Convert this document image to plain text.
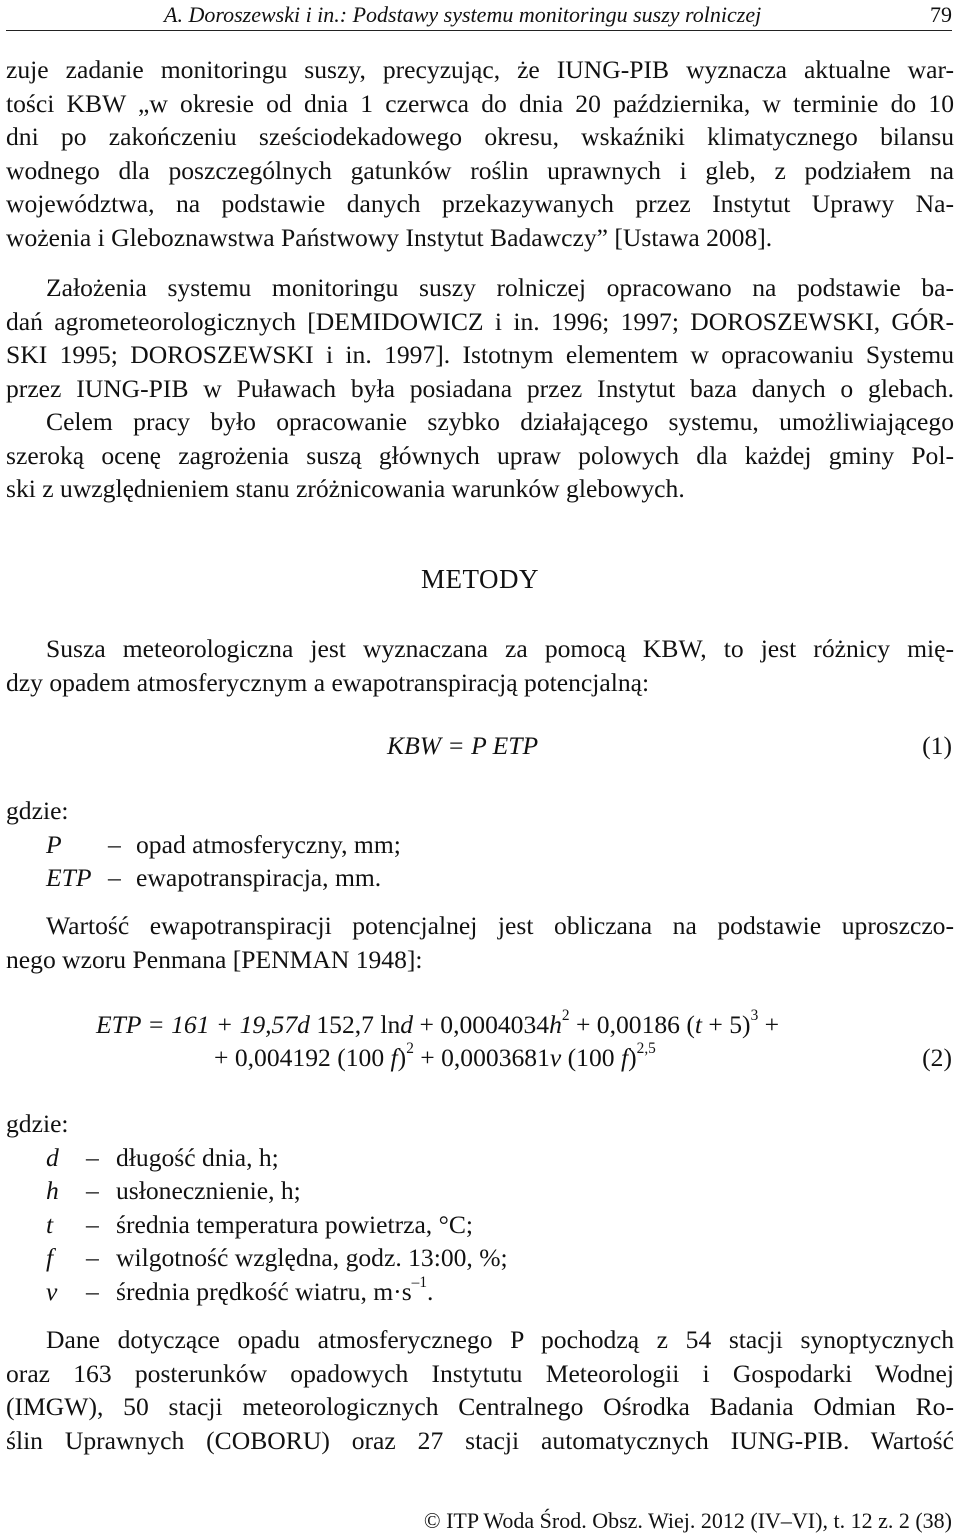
A. Doroszewski i in.: Podstawy systemu monitoringu suszy rolniczej	79
zuje zadanie monitoringu suszy, precyzując, że IUNG-PIB wyznacza aktualne war-
tości KBW „w okresie od dnia 1 czerwca do dnia 20 października, w terminie do 10
dni po zakończeniu sześciodekadowego okresu, wskaźniki klimatycznego bilansu
wodnego dla poszczególnych gatunków roślin uprawnych i gleb, z podziałem na
województwa, na podstawie danych przekazywanych przez Instytut Uprawy Na-
wożenia i Gleboznawstwa Państwowy Instytut Badawczy” [Ustawa 2008].
Założenia systemu monitoringu suszy rolniczej opracowano na podstawie ba-
dań agrometeorologicznych [DEMIDOWICZ i in. 1996; 1997; DOROSZEWSKI, GÓR-
SKI 1995; DOROSZEWSKI i in. 1997]. Istotnym elementem w opracowaniu Systemu
przez IUNG-PIB w Puławach była posiadana przez Instytut baza danych o glebach.
Celem pracy było opracowanie szybko działającego systemu, umożliwiającego
szeroką ocenę zagrożenia suszą głównych upraw polowych dla każdej gminy Pol-
ski z uwzględnieniem stanu zróżnicowania warunków glebowych.
METODY
Susza meteorologiczna jest wyznaczana za pomocą KBW, to jest różnicy mię-
dzy opadem atmosferycznym a ewapotranspiracją potencjalną:
KBW = P ETP	(1)
gdzie:
P – opad atmosferyczny, mm;
ETP – ewapotranspiracja, mm.
Wartość ewapotranspiracji potencjalnej jest obliczana na podstawie uproszczo-
nego wzoru Penmana [PENMAN 1948]:
ETP = 161 + 19,57d 152,7 $\ln d + 0,0004034h^2 + 0,00186$ $(t + 5)^3$ +
+ 0,004192 (100 f)$^2$ + 0,0003681v (100 f)$^{2,5}$	(2)
gdzie:
d – długość dnia, h;
h – usłonecznienie, h;
t – średnia temperatura powietrza, °C;
f – wilgotność względna, godz. 13:00, %;
v – średnia prędkość wiatru, $m\cdot s^{-1}$.
Dane dotyczące opadu atmosferycznego P pochodzą z 54 stacji synoptycznych
oraz 163 posterunków opadowych Instytutu Meteorologii i Gospodarki Wodnej
(IMGW), 50 stacji meteorologicznych Centralnego Ośrodka Badania Odmian Ro-
ślin Uprawnych (COBORU) oraz 27 stacji automatycznych IUNG-PIB. Wartość
© ITP Woda Środ. Obsz. Wiej. 2012 (IV–VI), t. 12 z. 2 (38)
